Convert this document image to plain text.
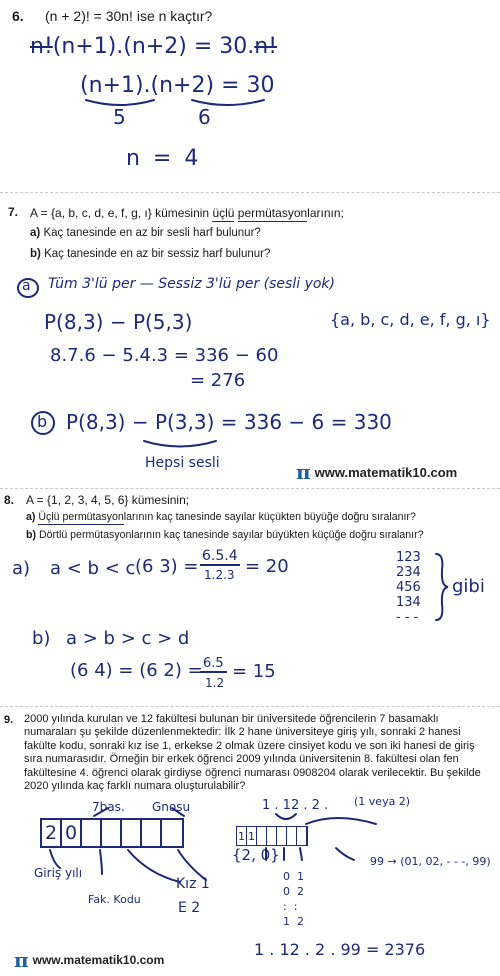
6. (n + 2)! = 30n! ise n kaçtır?
n!(n+1).(n+2) = 30.n!
(n+1).(n+2) = 30
5	6
n = 4
7. A = {a, b, c, d, e, f, g, ı} kümesinin üçlü permütasyonlarının;
a) Kaç tanesinde en az bir sesli harf bulunur?
b) Kaç tanesinde en az bir sessiz harf bulunur?
a Tüm 3'lü per — Sessiz 3'lü per (sesli yok)
P(8,3) − P(5,3)	{a, b, c, d, e, f, g, ı}
8.7.6 − 5.4.3 = 336 − 60
= 276
b P(8,3) − P(3,3) = 336 − 6 = 330
Hepsi sesli	π www.matematik10.com
8. A = {1, 2, 3, 4, 5, 6} kümesinin;
a) Üçlü permütasyonlarının kaç tanesinde sayılar küçükten büyüğe doğru sıralanır?
b) Dörtlü permütasyonlarının kaç tanesinde sayılar büyükten küçüğe doğru sıralanır?
a) a < b < c (6 3) = 6.5.4
1.2.3 = 20	123
234
456
134
- - -
gibi
b) a > b > c > d
(6 4) = (6 2) = 6.5
1.2
= 15
9. 2000 yılında kurulan ve 12 fakültesi bulunan bir üniversitede öğrencilerin 7 basamaklı numaraları şu şekilde düzenlenmektedir: İlk 2 hane üniversiteye giriş yılı, sonraki 2 hanesi fakülte kodu, sonraki kız ise 1, erkekse 2 olmak üzere cinsiyet kodu ve son iki hanesi de giriş sıra numarasıdır. Örneğin bir erkek öğrenci 2009 yılında üniversitenin 8. fakültesi olan fen fakültesine 4. öğrenci olarak girdiyse öğrenci numarası 0908204 olarak verilecektir. Bu şekilde 2020 yılında kaç farklı numara oluşturulabilir?
7bas. Gnosu
2 0
Giriş yılı
Fak. Kodu
Kız 1
E 2
1 . 12 . 2 . (1 veya 2)
1 1
{2, 0}
0  1
0  2
:  :
1  2
99 → (01, 02, - - -, 99)
1 . 12 . 2 . 99 = 2376
π www.matematik10.com
